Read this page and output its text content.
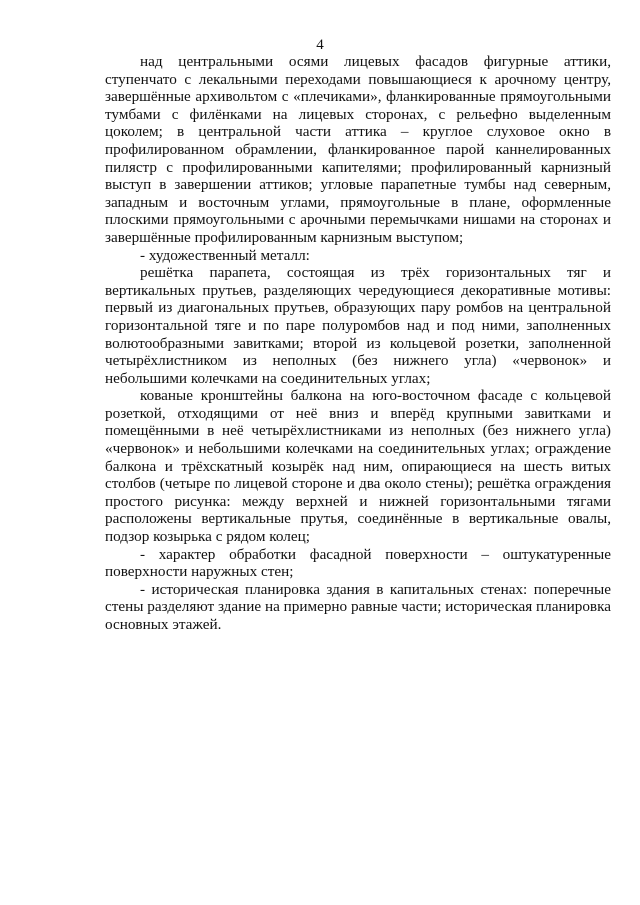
4

над центральными осями лицевых фасадов фигурные аттики, ступенчато с лекальными переходами повышающиеся к арочному центру, завершённые архивольтом с «плечиками», фланкированные прямоугольными тумбами с филёнками на лицевых сторонах, с рельефно выделенным цоколем; в центральной части аттика – круглое слуховое окно в профилированном обрамлении, фланкированное парой каннелированных пилястр с профилированными капителями; профилированный карнизный выступ в завершении аттиков; угловые парапетные тумбы над северным, западным и восточным углами, прямоугольные в плане, оформленные плоскими прямоугольными с арочными перемычками нишами на сторонах и завершённые профилированным карнизным выступом;

- художественный металл:

решётка парапета, состоящая из трёх горизонтальных тяг и вертикальных прутьев, разделяющих чередующиеся декоративные мотивы: первый из диагональных прутьев, образующих пару ромбов на центральной горизонтальной тяге и по паре полуромбов над и под ними, заполненных волютообразными завитками; второй из кольцевой розетки, заполненной четырёхлистником из неполных (без нижнего угла) «червонок» и небольшими колечками на соединительных углах;

кованые кронштейны балкона на юго-восточном фасаде с кольцевой розеткой, отходящими от неё вниз и вперёд крупными завитками и помещёнными в неё четырёхлистниками из неполных (без нижнего угла) «червонок» и небольшими колечками на соединительных углах; ограждение балкона и трёхскатный козырёк над ним, опирающиеся на шесть витых столбов (четыре по лицевой стороне и два около стены); решётка ограждения простого рисунка: между верхней и нижней горизонтальными тягами расположены вертикальные прутья, соединённые в вертикальные овалы, подзор козырька с рядом колец;

- характер обработки фасадной поверхности – оштукатуренные поверхности наружных стен;

- историческая планировка здания в капитальных стенах: поперечные стены разделяют здание на примерно равные части; историческая планировка основных этажей.
